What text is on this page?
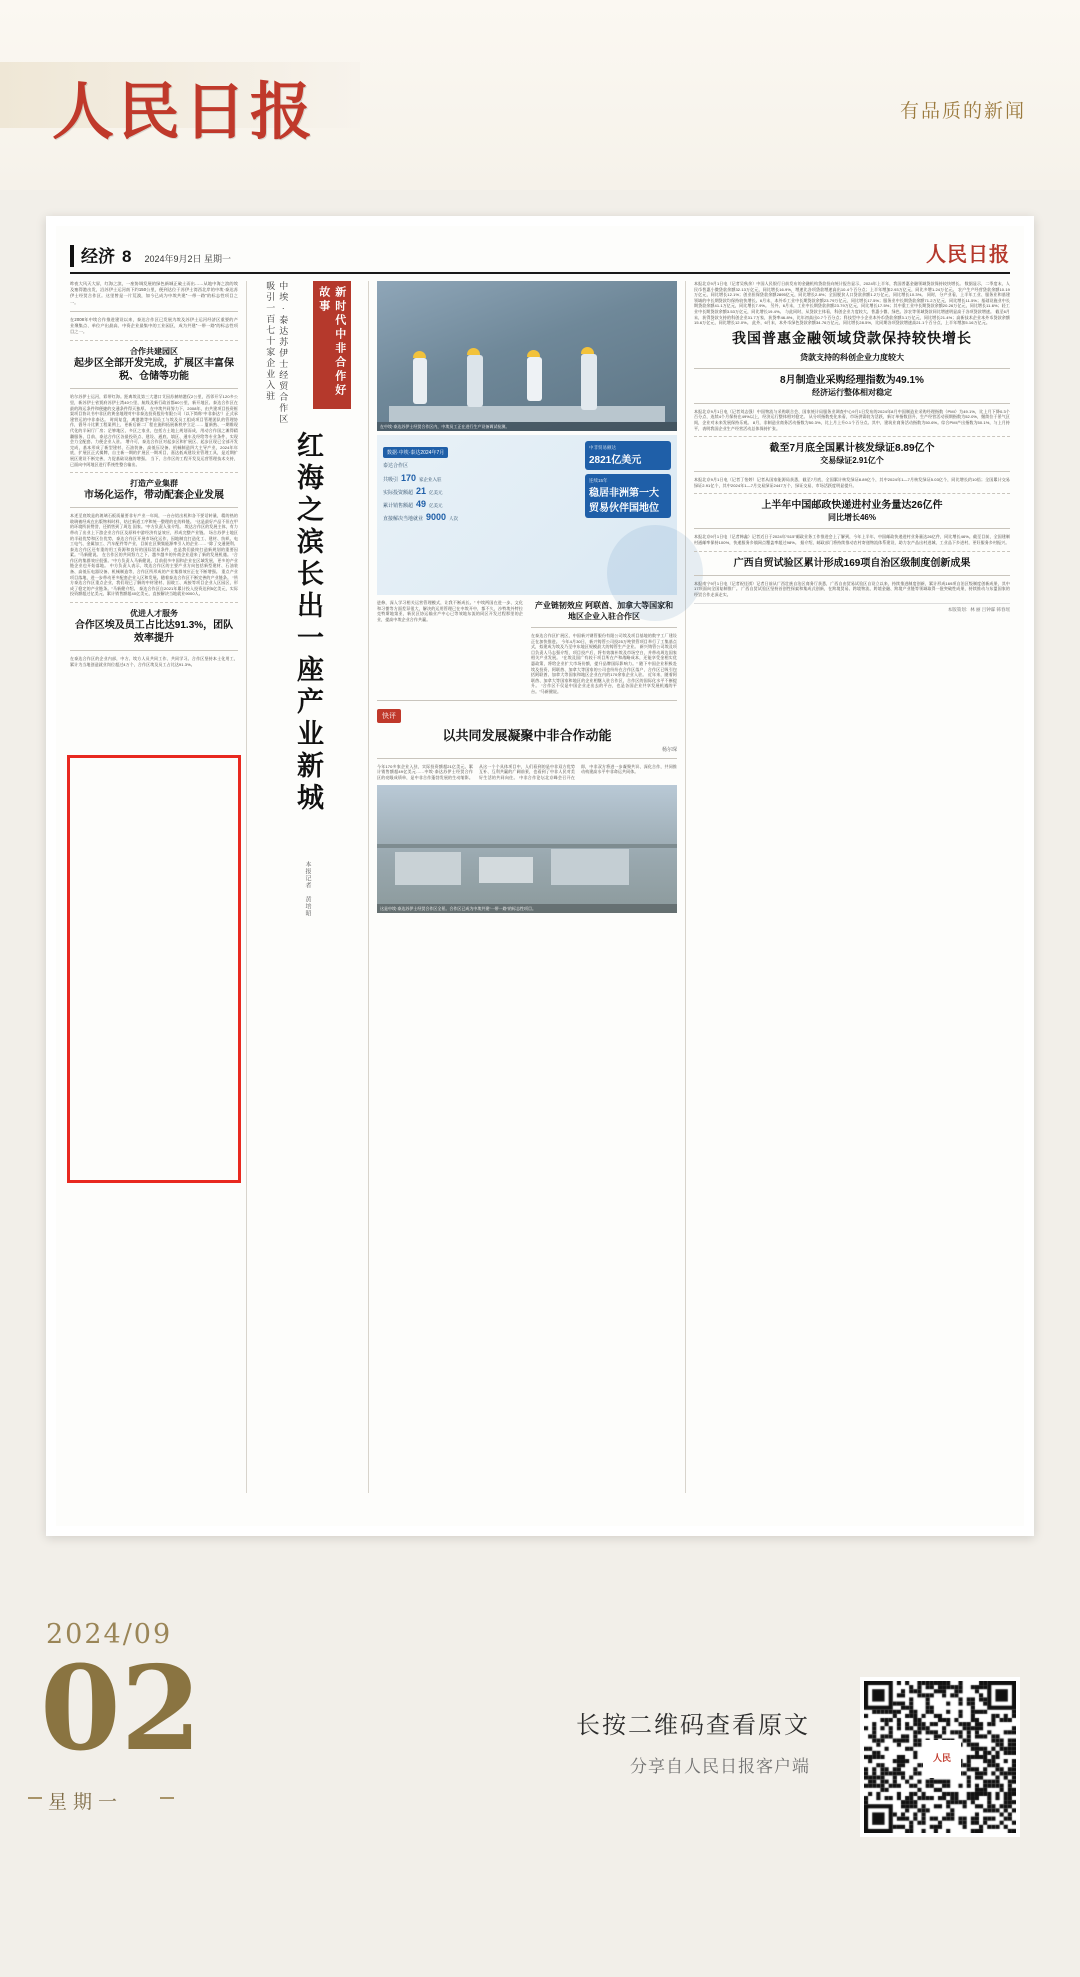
人民日报	有品质的新闻
经济 8 2024年9月2日 星期一	人民日报
昨夜大风天大屏，红海之滨，一座协调发展的绿色新城正破土而出……从地中海之滨的埃及塞得港出发，沿苏伊士运河南下约150公里，便到达位于苏伊士湾西北岸的中埃·泰达苏伊士经贸合作区。这里曾是一片荒漠，如今已成为中埃共建“一带一路”的标志性项目之一。
在2008年中埃合作推进建设以来，泰达合作区已发展为埃及苏伊士运河经济区重要的产业聚集点、单位产出最高、中资企业最集中的工业园区，成为共建“一带一路”的标志性项目之一。
合作共建园区
起步区全部开发完成，扩展区丰富保税、仓储等功能
哈尔苏伊士运河，彩带红海。距离埃及第三大港口艾因苏赫纳港仅2公里，西邻开罕120多公里，新苏伊士省贾府苏伊士湾40公里，航线及新行政首都60公里，新开地区、泰达合作区在最的海运条件和便捷的交通条件得天独厚。 在中埃共同努力下，2008年，由共建项目投资框架项目协议书中非区的黄金地理对中非泰达投资股份有限公司（以下简称“中非泰达”）正式承建营运的中非泰达。 时间复盘，离港港等中国员工与埃及员工组成项目管理团队的管理协作，倡导斗比赛工程案例上，更新后新二厂程在施和拓展新秩序立足…… 厦新熟、一期维现代化的半闲厅厂房；足够地区，多区之家业，包括方土地上规划而成，用动合作国之滩得精疆服务、目前，泰达合作区各最投资点、建设、通底、填区、通车及经给等专业条件，实现会力全配套、力便企业入驻。 增介可，泰达合作区对起步区和扩展区、起步区现已全部开发完成，基本形成了新型建材、石油装备、高低压设备、机械制造四大主导产业，2024年年底，扩展区正式揭牌，自主新一期的扩展区一期项目，嘉达低成建设业管理工具，是近期扩展区建设不断完善，力促基础设施的增强。 当下，合作区的工程开发及运营管理技术支持，已面向中阿地区进行系统性整合输出。
打造产业集群
市场化运作，带动配套企业发展
本述至底埃是的玻璃石板质量要非专产业一年间，一台台铝出机和各不要话转量，精的热的玻璃被经成在出版物料时样，结过新道工序和统一整理的在的料链。 “这是最好产品不但在甲的环境所获赞誉，还销售到了周边 国家。”中方负责人张介绍。 埃达合作区的发展主体，有力带动了出业上下游企业合作区及原料中游经济有益效应，形成完整产业链。 场合苏伊士地区的半硅优势和区位优势，泰达合作区开展市场化运作，因地制宜打造化工、建材、纺织、电工电气、金属加工、汽车配件等产业，目前在区聚集能源率引入的企业…… “除了交通便利、泰达合作区还有重的用工资源和良好的国际贸易条件，也是我们最终打造新规划的重要因素。”马新健说。 在合作区的共同努力之下，越多越多的外商企业迎来了新的发展机遇。 “合作区的集群效应很强。”中方负责人马新健说，目前很多中国和企业在区域发展，更多的产业链企业也开始落地。 中方负责人表示，埃达合作区的主要产业方向包括新型建材、石油装备、高低压电器设备、机械制造等，合作区所形成的产业集群效应正在不断增强。 重点产业项目落地，进一步带动更多配套企业入区和发展。随着泰达合作区不断完善的产业链条。 “所方泰达合作区重点企业，我们现已了解的中材建材、国玻工、成接等项目企业入区园区，形成了稳定的产业链条。”马新健介绍。 泰达合作区自2021年累计投入投资达到5亿美元，实际投资额超过亿美元，累计销售额超40亿美元，直接解决当地就业9000人。
优进人才服务
合作区埃及员工占比达91.3%，团队效率提升
在泰达合作区的企业内部，中方、埃方人员共同工作、共同学习。合作区坚持本土化用工，累计为当地创造就业岗位超过4万个，合作区埃及员工占比达91.3%。
新时代中非合作好故事
中埃·泰达苏伊士经贸合作区吸引一百七十家企业入驻
红海之滨长出一座产业新城
本报记者 黄培昭
在中埃·泰达苏伊士经贸合作区内，中埃员工正在进行生产设备调试检测。
数据·中埃·泰达2024年7月
泰达合作区
共吸引 170 家企业入驻
实际投资额超 21 亿美元
累计销售额超 49 亿美元
直接解决当地就业 9000 人次
中非贸易额达
2821亿美元
连续15年
稳居非洲第一大贸易伙伴国地位
进修，深入学习相关运营管理模式，让我不断成长。” 中埃两国在进一步、文化和习惯等方面差异很大，解决的运用管理已在中埃开中，都不久，沙特埃外特拉克特斯地第亚，新民区协运输业产中心已等效地东流的同区开发过程那里的企业，提高中埃企业合作共赢。
产业链韧效应 阿联酋、加拿大等国家和地区企业入驻合作区
在泰达合作区扩展区，中国新兴钢管服份有限公司埃及项目基地的数字工厂建设正在加快推进。 今年4月30日，新兴铸管公司投25万吨铁管项目举行了工集基点式，拟建成为埃及乃至中东地区规模最大的铸管生产企业。 新兴铸管公司埃及项目负责人马志强介绍，项目投产后，将有效填补埃及市场空白，并带动周边国家相关产业发展。 “在埃及国广有较干项目所在产和战略成本，还能享受金相实优惠政策，将给企业扩大市场份额，提升品牌国际影响力。” 随下中国企业积极赴埃及投资，阿联酋、加拿大等国家的公司也纷纷在合作区落户，合作区已吸引包括阿联酋、加拿大等国家和地区企业在内的170余家企业入驻。 近年来，随着阿联酋、加拿大等国家和地区的企业相继入驻合作区，合作区的国际化水平不断提升。 “合作区不仅是中国企业走出去的平台，也是各国企业共享发展机遇的平台。”马新健说。
快评
以共同发展凝聚中非合作动能
杨尔琛
今年170多家企业入驻，实际投资额超21亿美元、累计销售额超49亿美元……中埃·泰达苏伊士经贸合作区的亮眼成绩单，是中非合作蓬勃发展的生动缩影。 从这一个个具体项目中，人们看到的是中非双方优势互补、互利共赢的广阔前景，也看到了中非人民对美好生活的共同向往。 中非合作论坛北京峰会召开在即，中非双方将进一步凝聚共识、深化合作，共同推动构建高水平中非命运共同体。
这是中埃·泰达苏伊士经贸合作区全景。合作区已成为中埃共建“一带一路”的标志性项目。
本报北京9月1日电（记者吴秋余）中国人民银行日前发布的金融机构贷款投向统计报告显示，2024年上半年，我国普惠金融领域贷款保持较快增长。 数据显示，二季度末，人民币普惠小微贷款余额32.13万亿元，同比增长16.9%，增速比各项贷款增速高出10.4个百分点；上半年增加2.93万亿元，同比多增1.24万亿元。 农户生产经营贷款余额10.19万亿元，同比增长12.1%；创业担保贷款余额2895亿元，同比增长2.8%；全国脱贫人口贷款余额1.2万亿元，同比增长10.3%。 同时，分产业看，上半年工业、服务业和基建领域的中长期贷款均保持较快增长。6月末，本外币工业中长期贷款余额23.79万亿元，同比增长17.5%；服务业中长期贷款余额71.2万亿元，同比增长11.5%；基础设施业中长期贷款余额41.1万亿元，同比增长7.9%。 另外，6月末，工业中长期贷款余额23.79万亿元，同比增长17.5%；其中重工业中长期贷款余额20.26万亿元，同比增长11.6%；轻工业中长期贷款余额3.53万亿元，同比增长19.4%。 与此同时，从贷款主体看，科创企业力度较大，普惠小微、绿色、涉农等领域贷款同比增速明显高于各项贷款增速。 截至6月末，获得贷款支持的科创企业31.7万家，获贷率46.8%，比年初高出0.7个百分点；科技型中小企业本外币贷款余额3.1万亿元，同比增长21.4%；高新技术企业本外币贷款余额15.6万亿元，同比增长12.0%。 此外，6月末，本外币绿色贷款余额34.76万亿元，同比增长28.5%，比同期各项贷款增速高21.1个百分点，上半年增加5.16万亿元。
我国普惠金融领域贷款保持较快增长
贷款支持的科创企业力度较大
8月制造业采购经理指数为49.1%
经济运行整体相对稳定
本报北京9月1日电（记者刘志强）中国物流与采购联合会、国家统计局服务业调查中心9月1日发布的2024年8月中国制造业采购经理指数（PMI）为49.1%，比上月下降0.3个百分点，连续4个月保持在49%以上，经济运行整体相对稳定。 从分项指数变化来看，市场供需较为活跃，新订单指数回升，生产经营活动预期指数为52.0%，继续位于景气区间，企业对未来发展保持乐观。 8月，非制造业商务活动指数为50.3%，比上月上升0.1个百分点。其中，建筑业商务活动指数为50.6%。综合PMI产出指数为50.1%，与上月持平，表明我国企业生产经营活动总体保持扩张。
截至7月底全国累计核发绿证8.89亿个
交易绿证2.91亿个
本报北京9月1日电（记者丁怡婷）记者从国家能源局获悉，截至7月底，全国累计核发绿证8.89亿个，其中2024年1—7月核发绿证5.03亿个，同比增长约10倍；全国累计交易绿证2.91亿个，其中2024年1—7月交易绿证2447万个，绿证交易、市场活跃度明显提升。
上半年中国邮政快递进村业务量达26亿件
同比增长46%
本报北京9月1日电（记者韩鑫）记者近日于2024年“515”邮政业务工作推进会上了解到，今年上半年，中国邮政快递进村业务量达26亿件，同比增长46%。截至目前，全国建制村通邮率保持100%，快递服务乡镇网点覆盖率超过98%。 据介绍，邮政部门将持续推动农村寄递物流体系建设，助力农产品出村进城、工业品下乡进村，更好服务乡村振兴。
广西自贸试验区累计形成169项自治区级制度创新成果
本报南宁9月1日电（记者祝佳祺）记者日前从广西壮族自治区商务厅获悉，广西自由贸易试验区自设立以来，持续推进制度创新，累计形成169项自治区级制度创新成果，其中17项面向全国复制推广。 广西自贸试验区坚持首创性探索和集成式创新，在跨境贸易、跨境物流、跨境金融、跨境产业链等领域取得一批突破性成果，持续推动与东盟国家的经贸合作走深走实。
本版策划：林 丽 吕钟霖 韩春瑶
2024/09
02
星期一
长按二维码查看原文
分享自人民日报客户端	人民
